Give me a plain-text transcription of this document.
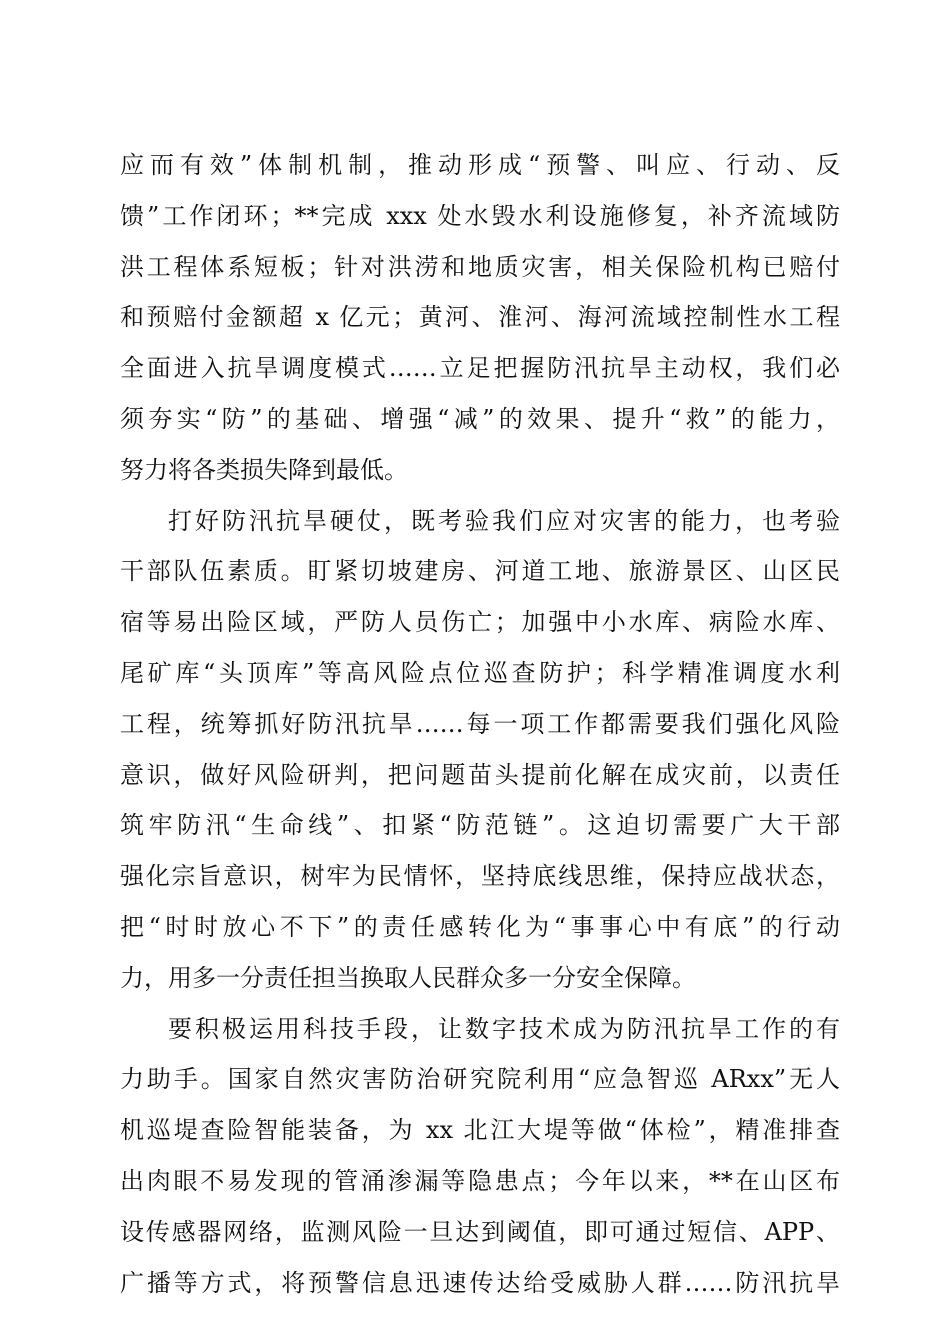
应而有效”体制机制，推动形成“预警、叫应、行动、反
馈”工作闭环；**完成 xxx 处水毁水利设施修复，补齐流域防
洪工程体系短板；针对洪涝和地质灾害，相关保险机构已赔付
和预赔付金额超 x 亿元；黄河、淮河、海河流域控制性水工程
全面进入抗旱调度模式……立足把握防汛抗旱主动权，我们必
须夯实“防”的基础、增强“减”的效果、提升“救”的能力，
努力将各类损失降到最低。
打好防汛抗旱硬仗，既考验我们应对灾害的能力，也考验
干部队伍素质。盯紧切坡建房、河道工地、旅游景区、山区民
宿等易出险区域，严防人员伤亡；加强中小水库、病险水库、
尾矿库“头顶库”等高风险点位巡查防护；科学精准调度水利
工程，统筹抓好防汛抗旱……每一项工作都需要我们强化风险
意识，做好风险研判，把问题苗头提前化解在成灾前，以责任
筑牢防汛“生命线”、扣紧“防范链”。这迫切需要广大干部
强化宗旨意识，树牢为民情怀，坚持底线思维，保持应战状态，
把“时时放心不下”的责任感转化为“事事心中有底”的行动
力，用多一分责任担当换取人民群众多一分安全保障。
要积极运用科技手段，让数字技术成为防汛抗旱工作的有
力助手。国家自然灾害防治研究院利用“应急智巡 ARxx”无人
机巡堤查险智能装备，为 xx 北江大堤等做“体检”，精准排查
出肉眼不易发现的管涌渗漏等隐患点；今年以来，**在山区布
设传感器网络，监测风险一旦达到阈值，即可通过短信、APP、
广播等方式，将预警信息迅速传达给受威胁人群……防汛抗旱
